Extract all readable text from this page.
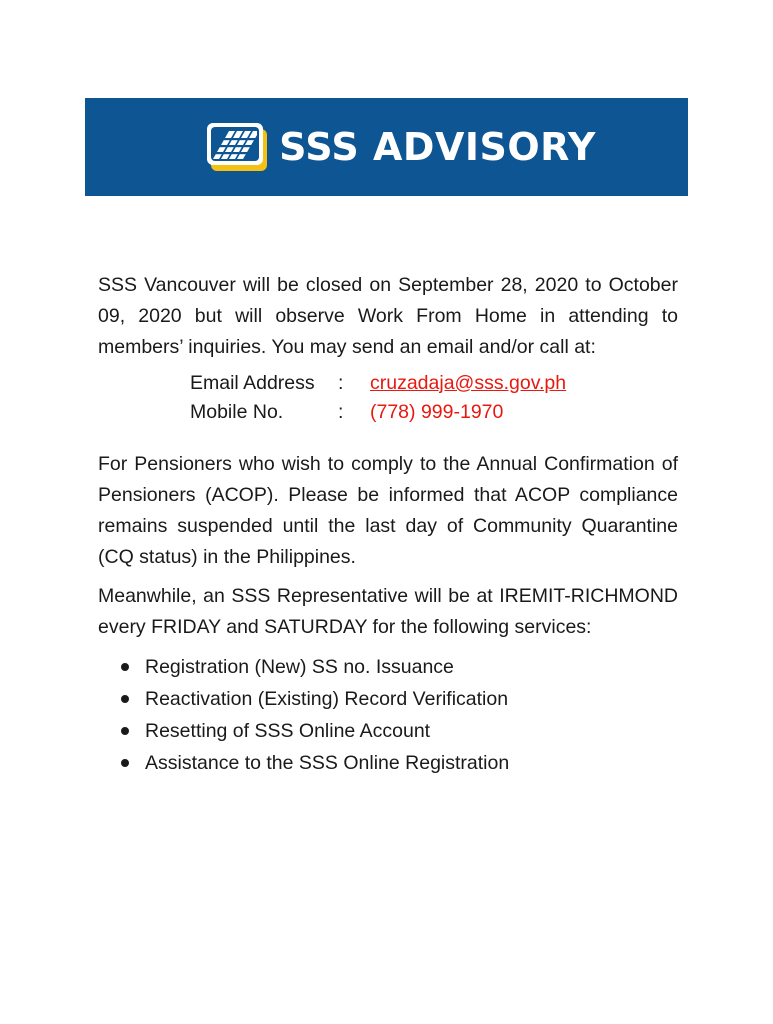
SSS ADVISORY

SSS Vancouver will be closed on September 28, 2020 to October 09, 2020 but will observe Work From Home in attending to members’ inquiries. You may send an email and/or call at:

Email Address	:	cruzadaja@sss.gov.ph
Mobile No.	:	(778) 999-1970

For Pensioners who wish to comply to the Annual Confirmation of Pensioners (ACOP). Please be informed that ACOP compliance remains suspended until the last day of Community Quarantine (CQ status) in the Philippines.

Meanwhile, an SSS Representative will be at IREMIT-RICHMOND every FRIDAY and SATURDAY for the following services:

Registration (New) SS no. Issuance
Reactivation (Existing) Record Verification
Resetting of SSS Online Account
Assistance to the SSS Online Registration
